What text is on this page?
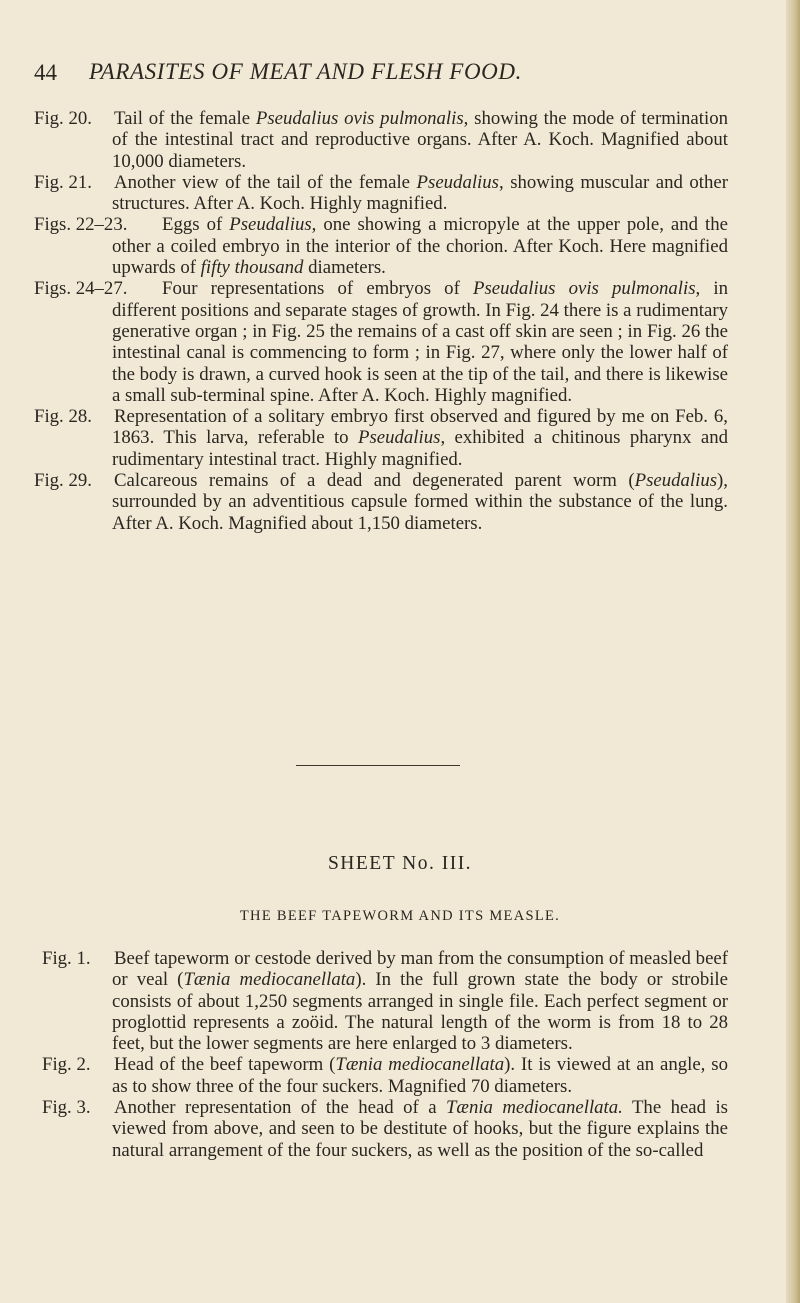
44 PARASITES OF MEAT AND FLESH FOOD.
Fig. 20. Tail of the female Pseudalius ovis pulmonalis, showing the mode of termination of the intestinal tract and reproductive organs. After A. Koch. Magnified about 10,000 diameters.
Fig. 21. Another view of the tail of the female Pseudalius, showing muscular and other structures. After A. Koch. Highly magnified.
Figs. 22–23.	Eggs of Pseudalius, one showing a micropyle at the upper pole, and the other a coiled embryo in the interior of the chorion. After Koch. Here magnified upwards of fifty thousand diameters.
Figs. 24–27.	Four representations of embryos of Pseudalius ovis pulmonalis, in different positions and separate stages of growth. In Fig. 24 there is a rudimentary generative organ ; in Fig. 25 the remains of a cast off skin are seen ; in Fig. 26 the intestinal canal is commencing to form ; in Fig. 27, where only the lower half of the body is drawn, a curved hook is seen at the tip of the tail, and there is likewise a small sub-terminal spine. After A. Koch. Highly magnified.
Fig. 28. Representation of a solitary embryo first observed and figured by me on Feb. 6, 1863. This larva, referable to Pseudalius, exhibited a chitinous pharynx and rudimentary intestinal tract. Highly magnified.
Fig. 29. Calcareous remains of a dead and degenerated parent worm (Pseudalius), surrounded by an adventitious capsule formed within the substance of the lung. After A. Koch. Magnified about 1,150 diameters.
SHEET No. III.
THE BEEF TAPEWORM AND ITS MEASLE.
Fig. 1. Beef tapeworm or cestode derived by man from the consumption of measled beef or veal (Tænia mediocanellata). In the full grown state the body or strobile consists of about 1,250 segments arranged in single file. Each perfect segment or proglottid represents a zoöid. The natural length of the worm is from 18 to 28 feet, but the lower segments are here enlarged to 3 diameters.
Fig. 2. Head of the beef tapeworm (Tænia mediocanellata). It is viewed at an angle, so as to show three of the four suckers. Magnified 70 diameters.
Fig. 3. Another representation of the head of a Tænia mediocanellata. The head is viewed from above, and seen to be destitute of hooks, but the figure explains the natural arrangement of the four suckers, as well as the position of the so-called
